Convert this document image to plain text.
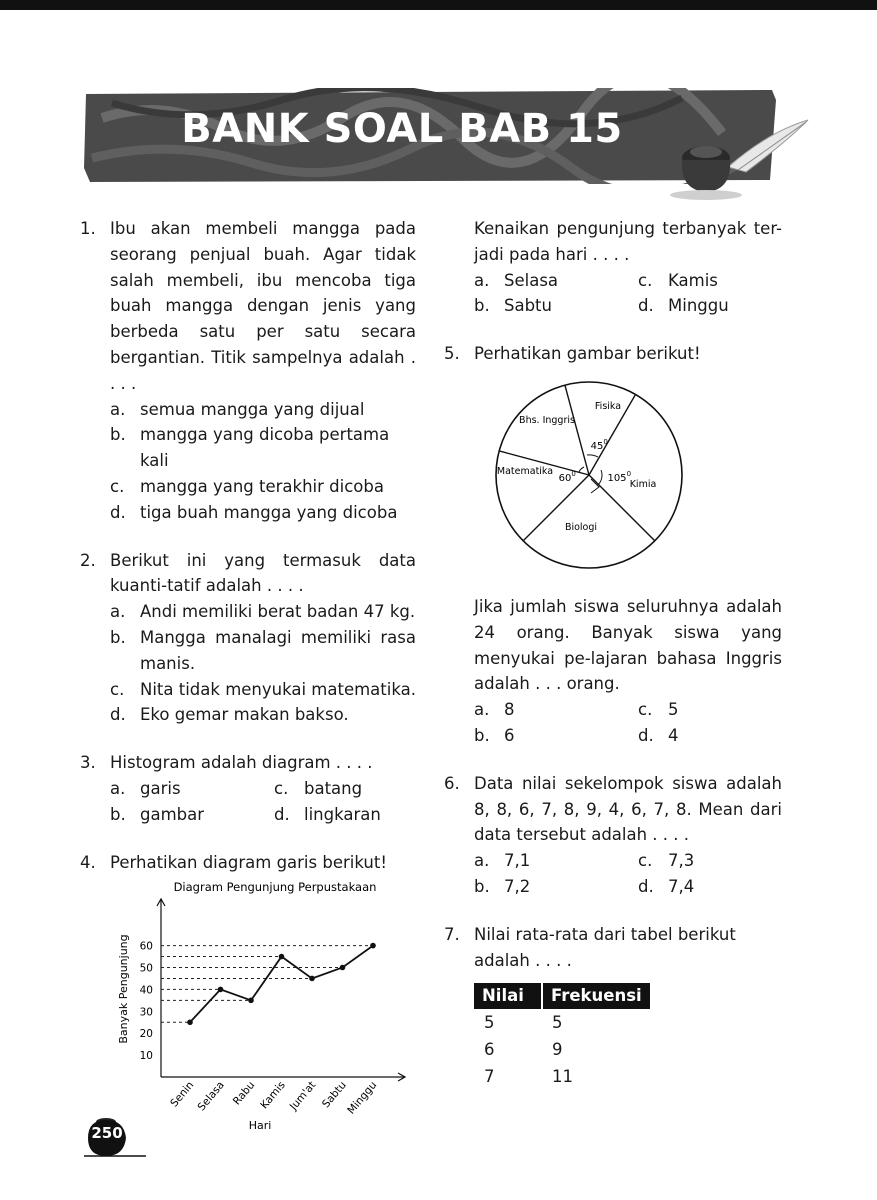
BANK SOAL BAB 15
1. Ibu akan membeli mangga pada seorang penjual buah. Agar tidak salah membeli, ibu mencoba tiga buah mangga dengan jenis yang berbeda satu per satu secara bergantian. Titik sampelnya adalah . . . .
a. semua mangga yang dijual
b. mangga yang dicoba pertama kali
c. mangga yang terakhir dicoba
d. tiga buah mangga yang dicoba
2. Berikut ini yang termasuk data kuanti-tatif adalah . . . .
a. Andi memiliki berat badan 47 kg.
b. Mangga manalagi memiliki rasa manis.
c. Nita tidak menyukai matematika.
d. Eko gemar makan bakso.
3. Histogram adalah diagram . . . .
a. garis	c. batang
b. gambar	d. lingkaran
4. Perhatikan diagram garis berikut!
Diagram Pengunjung Perpustakaan
10
20
30
40
50
60
Senin Selasa Rabu Kamis Jum'at Sabtu
Minggu
Hari
Banyak Pengunjung
Kenaikan pengunjung terbanyak ter-jadi pada hari . . . .
a. Selasa	c. Kamis
b. Sabtu	d. Minggu
5. Perhatikan gambar berikut!
Fisika
Kimia
Biologi
Matematika
Bhs. Inggris
45 0
105 0
60 0
Jika jumlah siswa seluruhnya adalah 24 orang. Banyak siswa yang menyukai pe-lajaran bahasa Inggris adalah . . . orang.
a. 8	c. 5
b. 6	d. 4
6. Data nilai sekelompok siswa adalah 8, 8, 6, 7, 8, 9, 4, 6, 7, 8. Mean dari data tersebut adalah . . . .
a. 7,1	c. 7,3
b. 7,2	d. 7,4
7. Nilai rata-rata dari tabel berikut adalah . . . .
Nilai	Frekuensi
5	5
6	9
7	11
250
